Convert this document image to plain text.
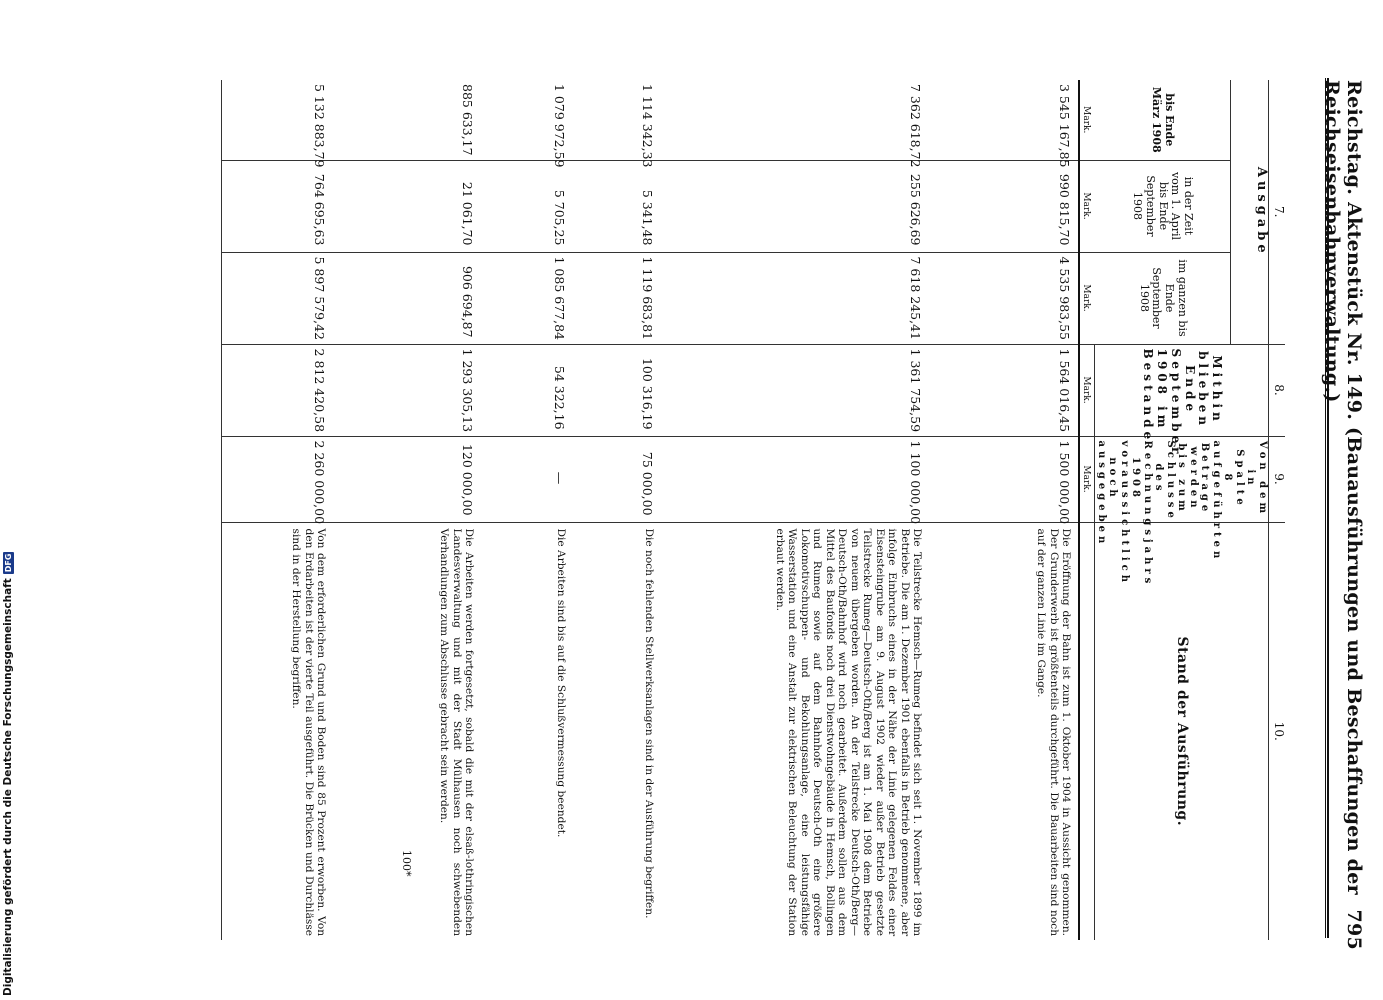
Reichstag. Aktenstück Nr. 149. (Bauausführungen und Beschaffungen der Reichseisenbahnverwaltung.)
795
7.			8.	9.	10.
Ausgabe			Mithin blieben Ende September 1908 im Bestande	Von dem in Spalte 8 aufgeführten Betrage werden bis zum Schlusse des Rechnungsjahrs 1908 voraussichtlich noch ausgegeben	Stand der Ausführung.
bis Ende März 1908	in der Zeit vom 1. April bis Ende September 1908	im ganzen bis Ende September 1908			
Mark.	Mark.	Mark.	Mark.	Mark.	
3 545 167,85	990 815,70	4 535 983,55	1 564 016,45	1 500 000,00	Die Eröffnung der Bahn ist zum 1. Oktober 1904 in Aussicht genommen. Der Grunderwerb ist größtenteils durchgeführt. Die Bauarbeiten sind noch auf der ganzen Linie im Gange.
7 362 618,72	255 626,69	7 618 245,41	1 361 754,59	1 100 000,00	Die Teilstrecke Hemsch—Rumeg befindet sich seit 1. November 1899 im Betriebe. Die am 1. Dezember 1901 ebenfalls in Betrieb genommene, aber infolge Einbruchs eines in der Nähe der Linie gelegenen Feldes einer Eisensteingrube am 9. August 1902 wieder außer Betrieb gesetzte Teilstrecke Rumeg—Deutsch-Oth/Berg ist am 1. Mai 1908 dem Betriebe von neuem übergeben worden. An der Teilstrecke Deutsch-Oth/Berg—Deutsch-Oth/Bahnhof wird noch gearbeitet. Außerdem sollen aus dem Mittel des Baufonds noch drei Dienstwohngebäude in Hemsch, Bollingen und Rumeg sowie auf dem Bahnhofe Deutsch-Oth eine größere Lokomotivschuppen- und Bekohlungsanlage, eine leistungsfähige Wasserstation und eine Anstalt zur elektrischen Beleuchtung der Station erbaut werden.
1 114 342,33	5 341,48	1 119 683,81	100 316,19	75 000,00	Die noch fehlenden Stellwerksanlagen sind in der Ausführung begriffen.
1 079 972,59	5 705,25	1 085 677,84	54 322,16	—	Die Arbeiten sind bis auf die Schlußvermessung beendet.
885 633,17	21 061,70	906 694,87	1 293 305,13	120 000,00	Die Arbeiten werden fortgesetzt, sobald die mit der elsaß-lothringischen Landesverwaltung und mit der Stadt Mülhausen noch schwebenden Verhandlungen zum Abschlusse gebracht sein werden.
5 132 883,79	764 695,63	5 897 579,42	2 812 420,58	2 260 000,00	Von dem erforderlichen Grund und Boden sind 85 Prozent erworben. Von den Erdarbeiten ist der vierte Teil ausgeführt. Die Brücken und Durchlässe sind in der Herstellung begriffen.
100*
Digitalisierung gefördert durch die Deutsche Forschungsgemeinschaft
DFG
